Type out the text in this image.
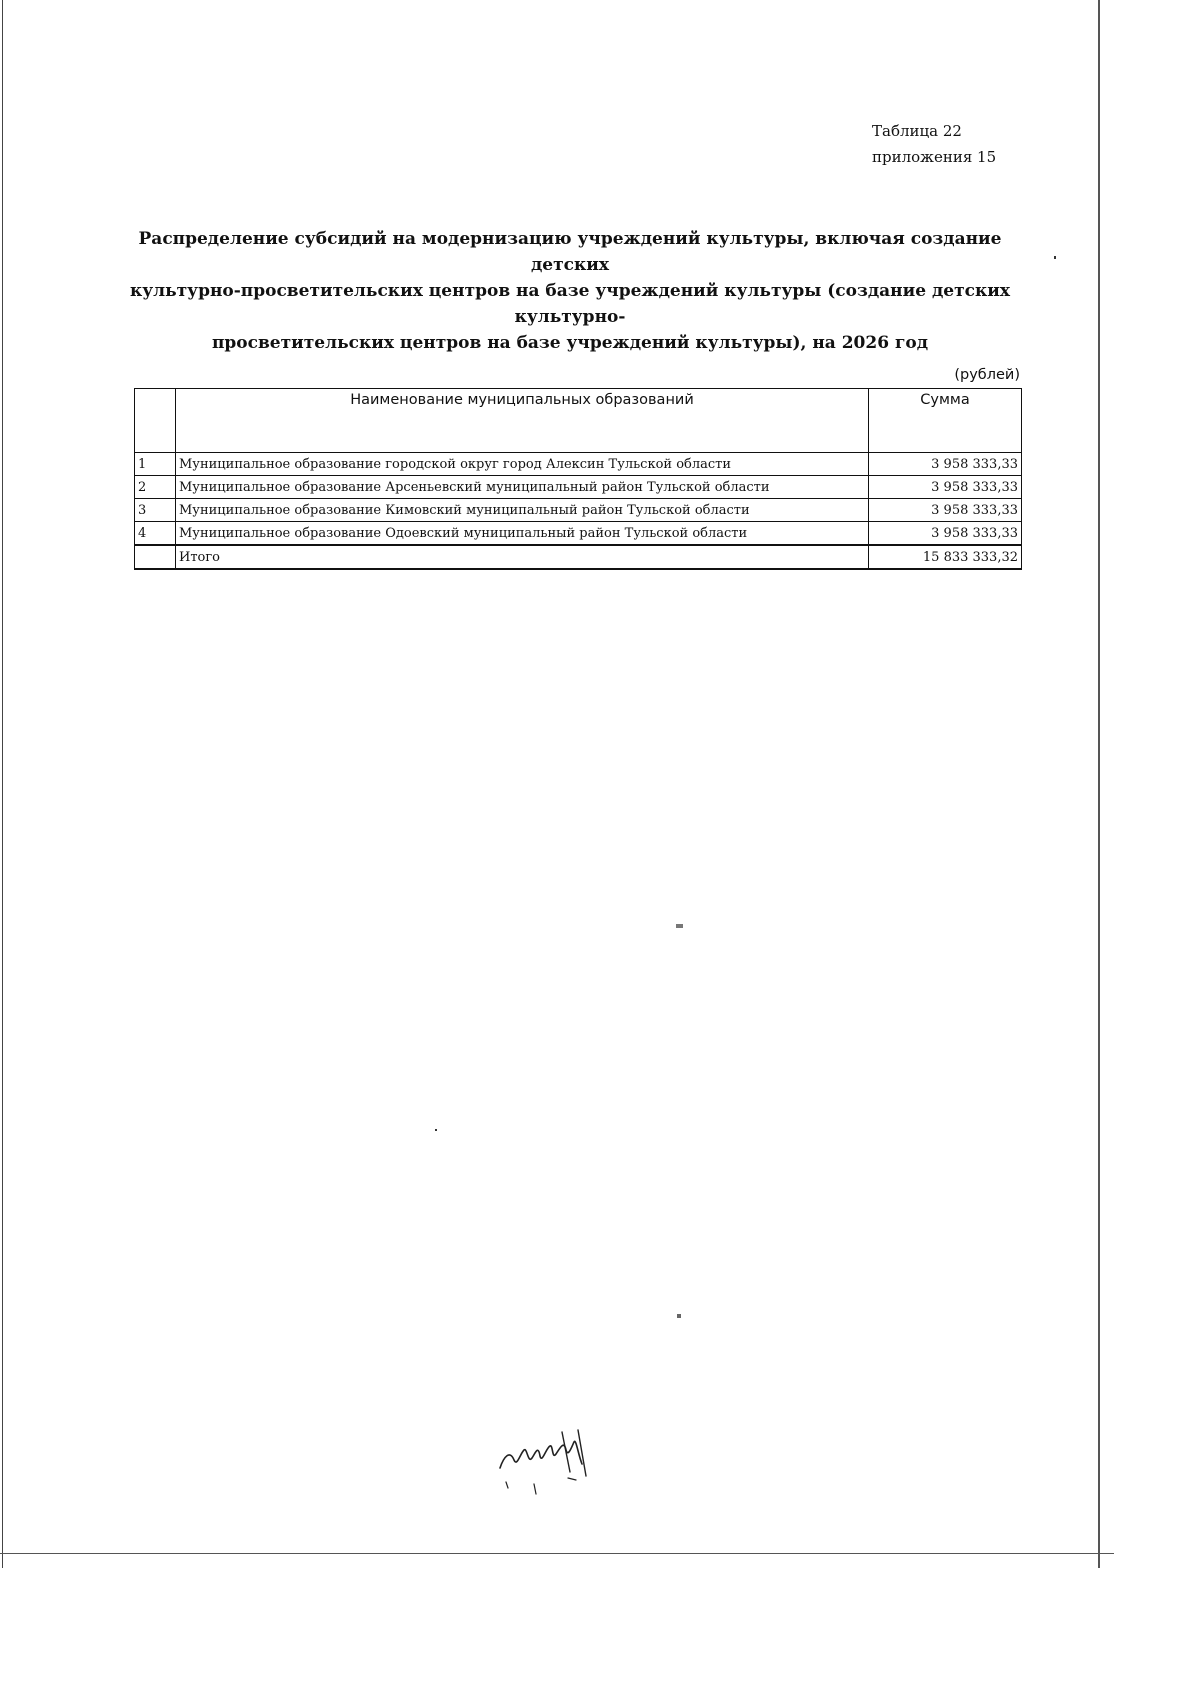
Таблица 22
приложения 15
Распределение субсидий на модернизацию учреждений культуры, включая создание детских
культурно-просветительских центров на базе учреждений культуры (создание детских культурно-
просветительских центров на базе учреждений культуры), на 2026 год
(рублей)
	Наименование муниципальных образований	Сумма
1	Муниципальное образование городской округ город Алексин Тульской области	3 958 333,33
2	Муниципальное образование Арсеньевский муниципальный район Тульской области	3 958 333,33
3	Муниципальное образование Кимовский муниципальный район Тульской области	3 958 333,33
4	Муниципальное образование Одоевский муниципальный район Тульской области	3 958 333,33
	Итого	15 833 333,32
